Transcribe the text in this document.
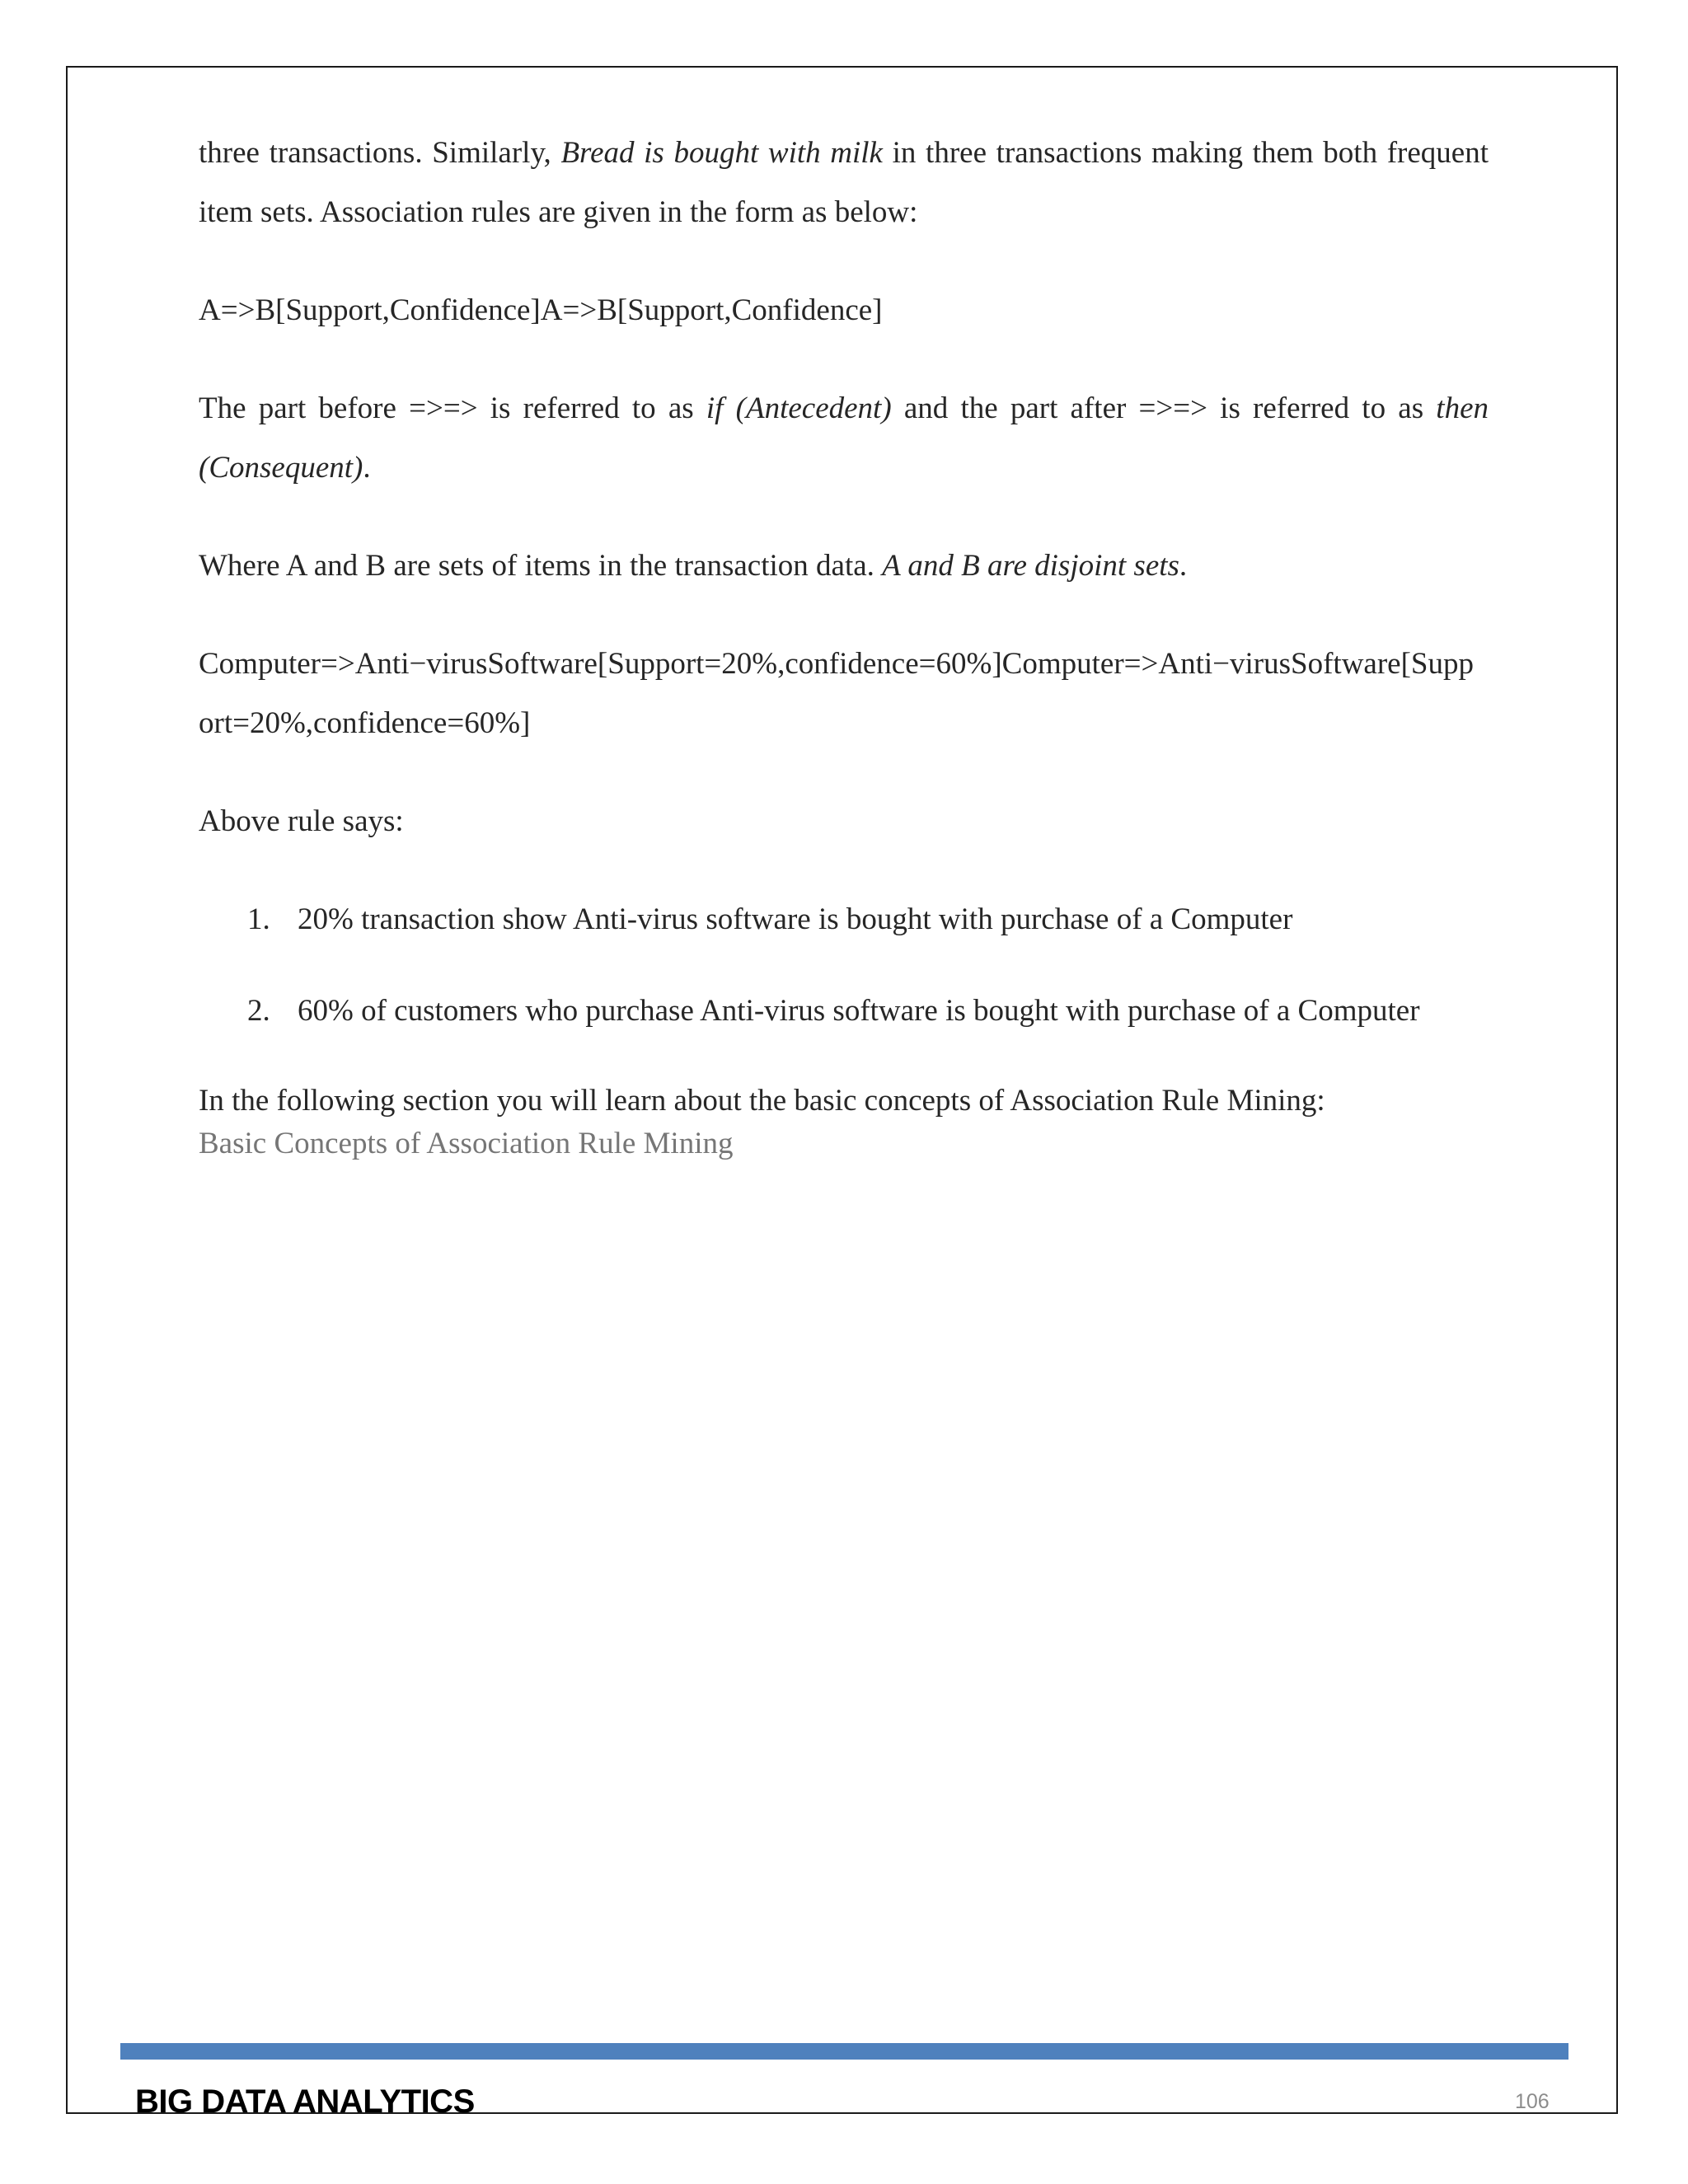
three transactions. Similarly, Bread is bought with milk in three transactions making them both frequent item sets. Association rules are given in the form as below:

A=>B[Support,Confidence]A=>B[Support,Confidence]

The part before =>=> is referred to as if (Antecedent) and the part after =>=> is referred to as then (Consequent).

Where A and B are sets of items in the transaction data. A and B are disjoint sets.

Computer=>Anti−virusSoftware[Support=20%,confidence=60%]Computer=>Anti−virusSoftware[Support=20%,confidence=60%]

Above rule says:

1. 20% transaction show Anti-virus software is bought with purchase of a Computer
2. 60% of customers who purchase Anti-virus software is bought with purchase of a Computer

In the following section you will learn about the basic concepts of Association Rule Mining:

Basic Concepts of Association Rule Mining

BIG DATA ANALYTICS	106
